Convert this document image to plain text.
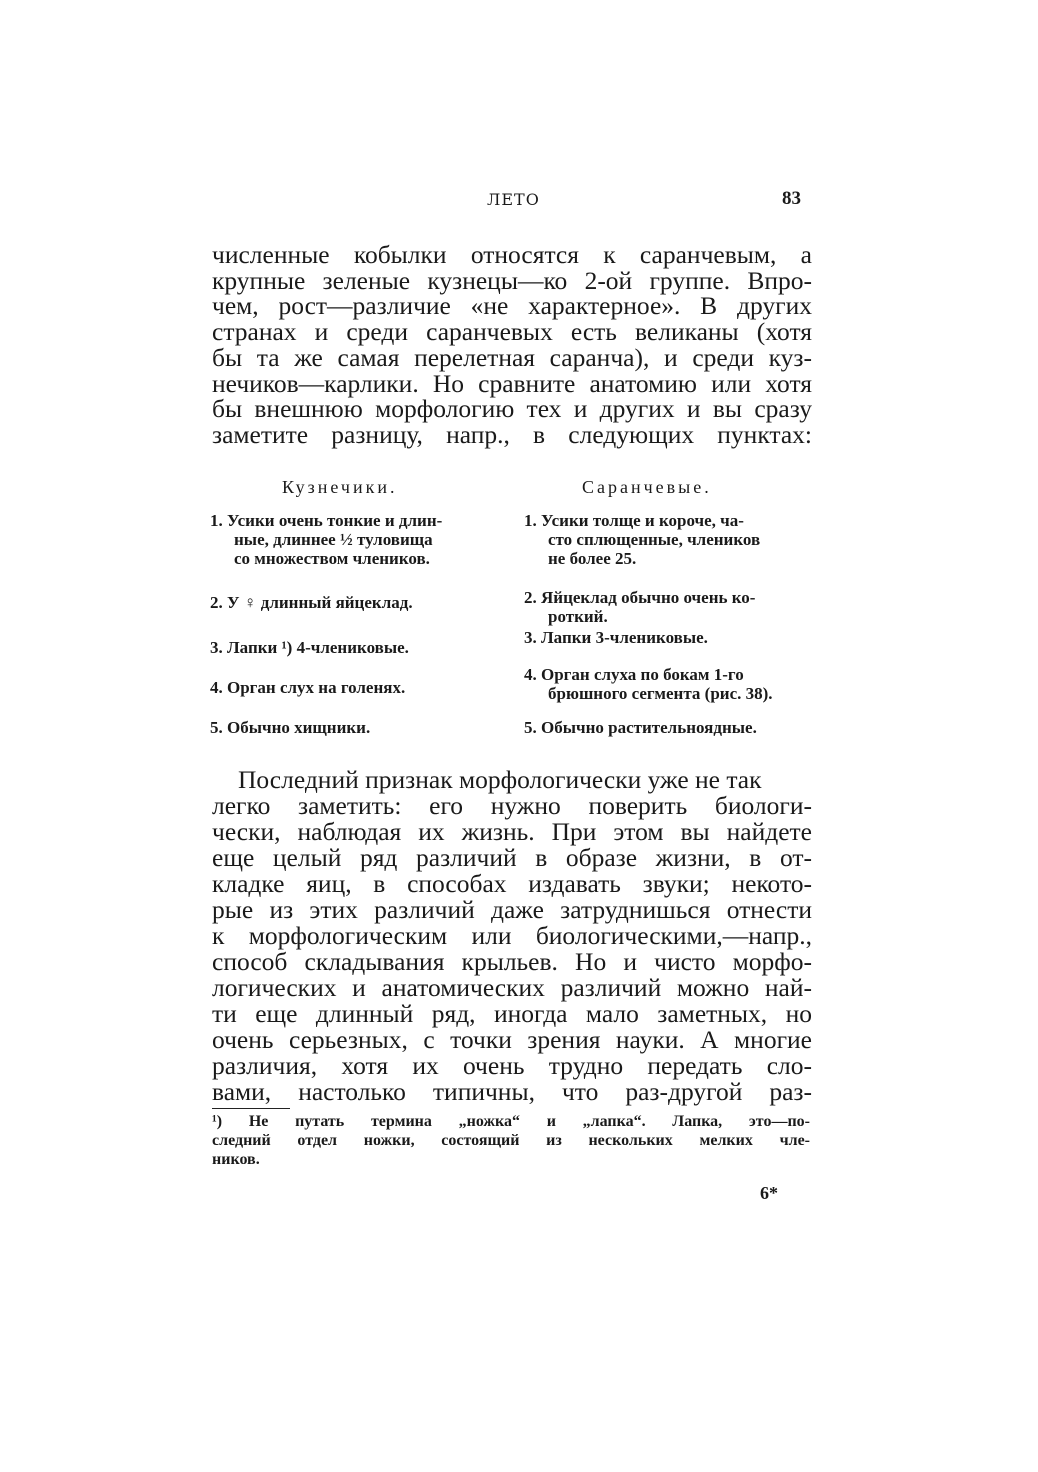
ЛЕТО	83
численные кобылки относятся к саранчевым, а
крупные зеленые кузнецы—ко 2-ой группе. Впро-
чем, рост—различие «не характерное». В других
странах и среди саранчевых есть великаны (хотя
бы та же самая перелетная саранча), и среди куз-
нечиков—карлики. Но сравните анатомию или хотя
бы внешнюю морфологию тех и других и вы сразу
заметите разницу, напр., в следующих пунктах:
Кузнечики.
1. Усики очень тонкие и длин-
ные, длиннее ½ туловища
со множеством члеников.
2. У ♀ длинный яйцеклад.
3. Лапки ¹) 4-члениковые.
4. Орган слух на голенях.
5. Обычно хищники.
Саранчевые.
1. Усики толще и короче, ча-
сто сплющенные, члеников
не более 25.
2. Яйцеклад обычно очень ко-
роткий.
3. Лапки 3-члениковые.
4. Орган слуха по бокам 1-го
брюшного сегмента (рис. 38).
5. Обычно растительноядные.
Последний признак морфологически уже не так
легко заметить: его нужно поверить биологи-
чески, наблюдая их жизнь. При этом вы найдете
еще целый ряд различий в образе жизни, в от-
кладке яиц, в способах издавать звуки; некото-
рые из этих различий даже затруднишься отнести
к морфологическим или биологическими,—напр.,
способ складывания крыльев. Но и чисто морфо-
логических и анатомических различий можно най-
ти еще длинный ряд, иногда мало заметных, но
очень серьезных, с точки зрения науки. А многие
различия, хотя их очень трудно передать сло-
вами, настолько типичны, что раз-другой раз-
¹) Не путать термина „ножка“ и „лапка“. Лапка, это—по-
следний отдел ножки, состоящий из нескольких мелких чле-
ников.
6*
